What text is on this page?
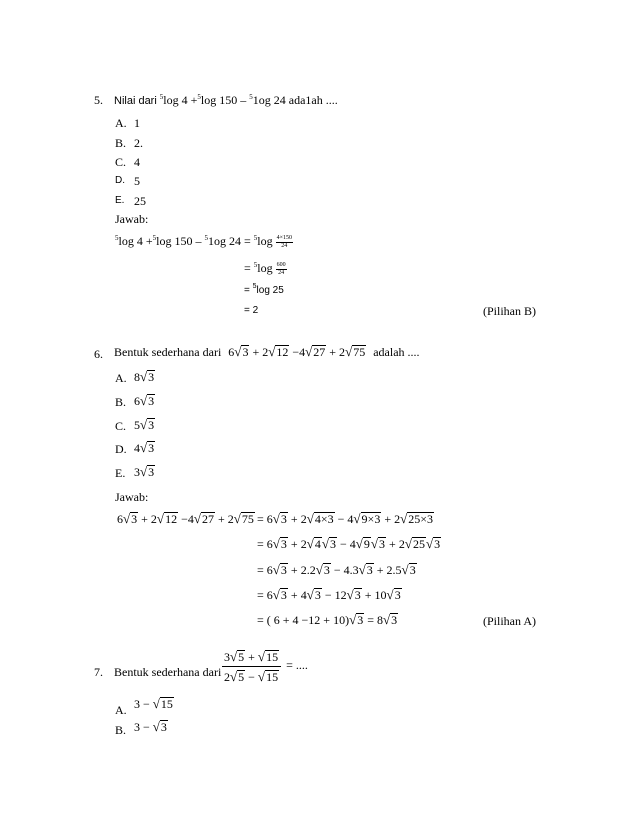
5. Nilai dari $^5$log 4 +$^5$log 150 – $^5$1og 24 ada1ah ....
A. 1
B. 2.
C. 4
D. 5
E. 25
Jawab:
$^5$log 4 +$^5$log 150 – $^5$1og $24 = ^5\log \frac{4\times 150}{24}$
= $^5\log \frac{600}{24}$
= $^5$log 25
= 2	(Pilihan B)
6. Bentuk sederhana dari 6√3 + 2√12 −4√27 + 2√75 adalah ....
A. 8√3
B. 6√3
C. 5√3
D. 4√3
E. 3√3
Jawab:
6√3 + 2√12 −4√27 + 2√75 = 6√3 + 2√4×3 − 4√9×3 + 2√25×3
= 6√3 + 2√4√3 − 4√9√3 + 2√25√3
= 6√3 + 2.2√3 − 4.3√3 + 2.5√3
= 6√3 + 4√3 − 12√3 + 10√3
= ( 6 + 4 −12 + 10)√3 = 8√3	(Pilihan A)
7. Bentuk sederhana dari $\frac{3√5 + √15}{2√5 - √15}$ = ....
A. 3 − √15
B. 3 − √3
